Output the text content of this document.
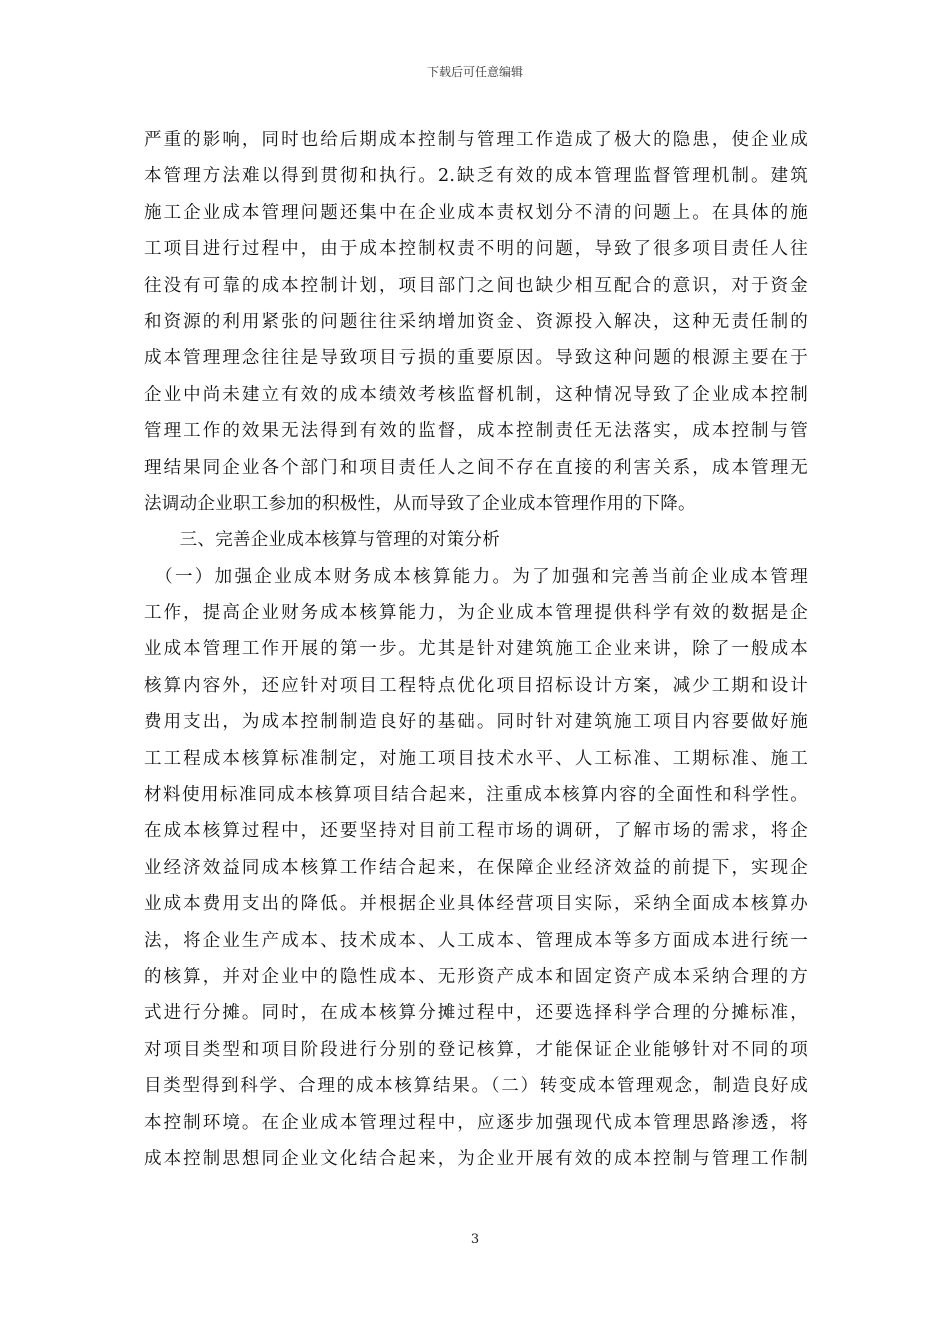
下载后可任意编辑
严重的影响，同时也给后期成本控制与管理工作造成了极大的隐患，使企业成
本管理方法难以得到贯彻和执行。2.缺乏有效的成本管理监督管理机制。建筑
施工企业成本管理问题还集中在企业成本责权划分不清的问题上。在具体的施
工项目进行过程中，由于成本控制权责不明的问题，导致了很多项目责任人往
往没有可靠的成本控制计划，项目部门之间也缺少相互配合的意识，对于资金
和资源的利用紧张的问题往往采纳增加资金、资源投入解决，这种无责任制的
成本管理理念往往是导致项目亏损的重要原因。导致这种问题的根源主要在于
企业中尚未建立有效的成本绩效考核监督机制，这种情况导致了企业成本控制
管理工作的效果无法得到有效的监督，成本控制责任无法落实，成本控制与管
理结果同企业各个部门和项目责任人之间不存在直接的利害关系，成本管理无
法调动企业职工参加的积极性，从而导致了企业成本管理作用的下降。
　　三、完善企业成本核算与管理的对策分析
　（一）加强企业成本财务成本核算能力。为了加强和完善当前企业成本管理
工作，提高企业财务成本核算能力，为企业成本管理提供科学有效的数据是企
业成本管理工作开展的第一步。尤其是针对建筑施工企业来讲，除了一般成本
核算内容外，还应针对项目工程特点优化项目招标设计方案，减少工期和设计
费用支出，为成本控制制造良好的基础。同时针对建筑施工项目内容要做好施
工工程成本核算标准制定，对施工项目技术水平、人工标准、工期标准、施工
材料使用标准同成本核算项目结合起来，注重成本核算内容的全面性和科学性。
在成本核算过程中，还要坚持对目前工程市场的调研，了解市场的需求，将企
业经济效益同成本核算工作结合起来，在保障企业经济效益的前提下，实现企
业成本费用支出的降低。并根据企业具体经营项目实际，采纳全面成本核算办
法，将企业生产成本、技术成本、人工成本、管理成本等多方面成本进行统一
的核算，并对企业中的隐性成本、无形资产成本和固定资产成本采纳合理的方
式进行分摊。同时，在成本核算分摊过程中，还要选择科学合理的分摊标准，
对项目类型和项目阶段进行分别的登记核算，才能保证企业能够针对不同的项
目类型得到科学、合理的成本核算结果。（二）转变成本管理观念，制造良好成
本控制环境。在企业成本管理过程中，应逐步加强现代成本管理思路渗透，将
成本控制思想同企业文化结合起来，为企业开展有效的成本控制与管理工作制
3
